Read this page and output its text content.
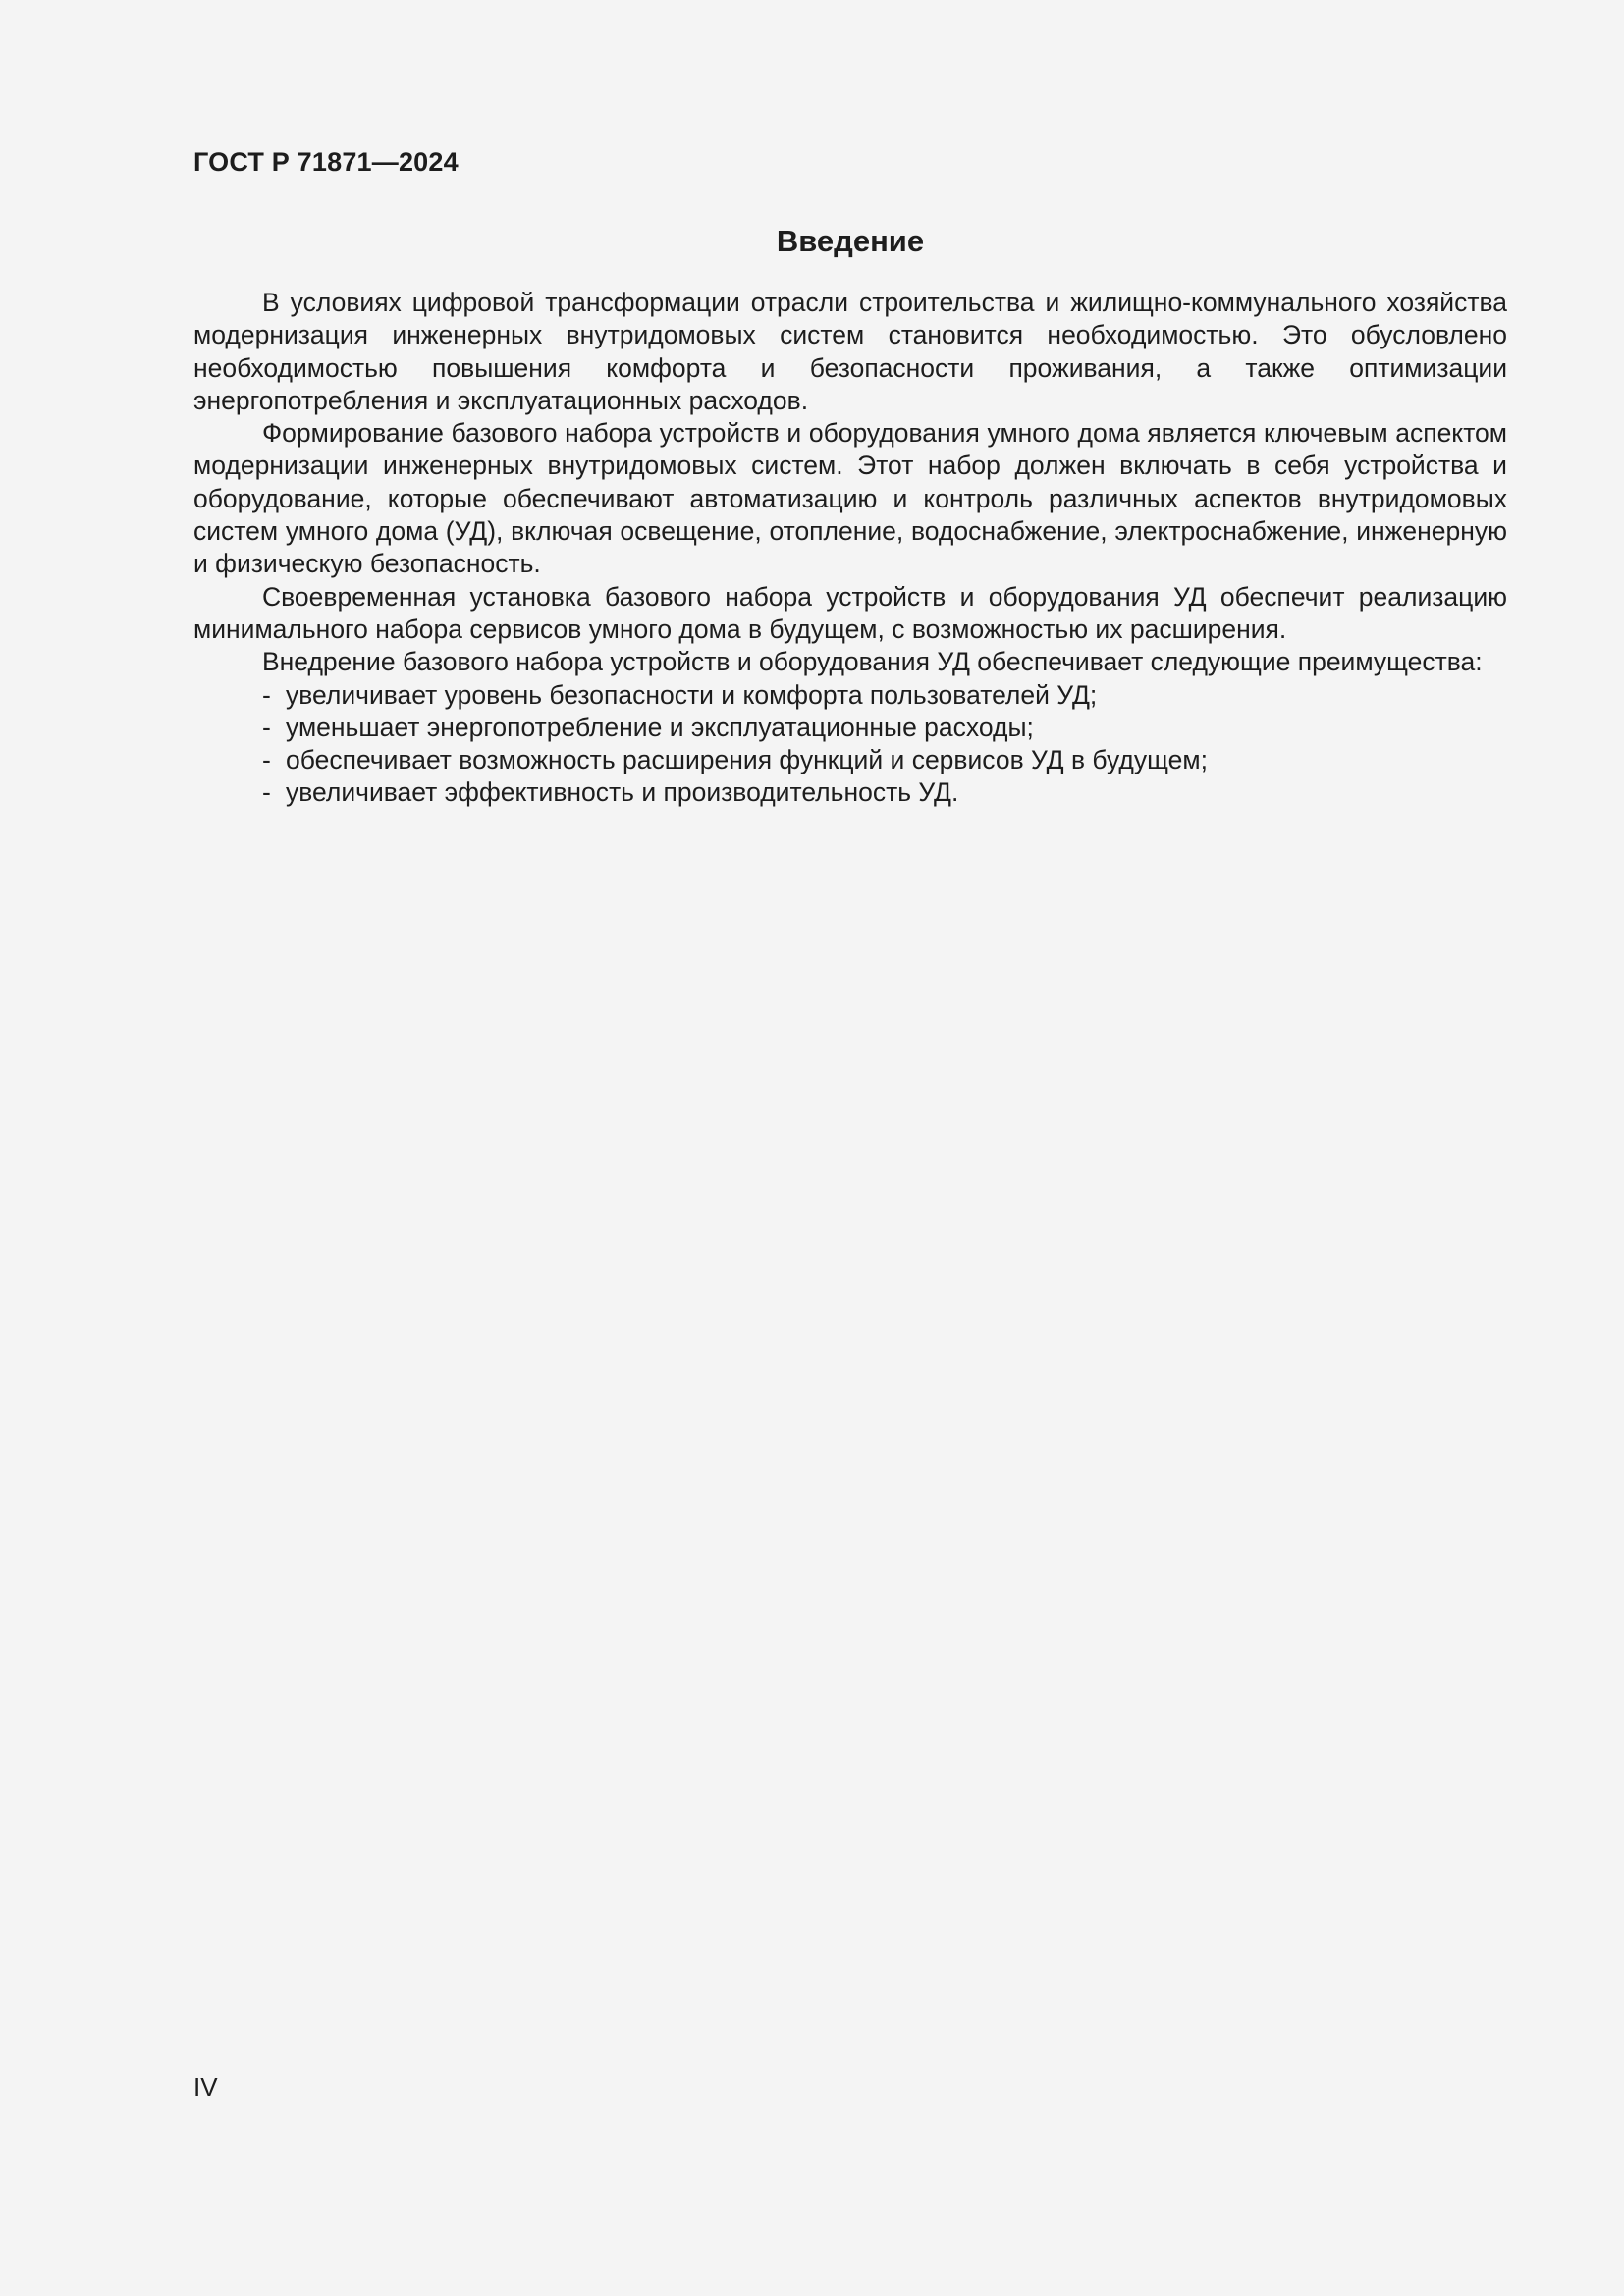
ГОСТ Р 71871—2024

Введение

В условиях цифровой трансформации отрасли строительства и жилищно-коммунального хозяйства модернизация инженерных внутридомовых систем становится необходимостью. Это обусловлено необходимостью повышения комфорта и безопасности проживания, а также оптимизации энергопотребления и эксплуатационных расходов.

Формирование базового набора устройств и оборудования умного дома является ключевым аспектом модернизации инженерных внутридомовых систем. Этот набор должен включать в себя устройства и оборудование, которые обеспечивают автоматизацию и контроль различных аспектов внутридомовых систем умного дома (УД), включая освещение, отопление, водоснабжение, электроснабжение, инженерную и физическую безопасность.

Своевременная установка базового набора устройств и оборудования УД обеспечит реализацию минимального набора сервисов умного дома в будущем, с возможностью их расширения.

Внедрение базового набора устройств и оборудования УД обеспечивает следующие преимущества:

- увеличивает уровень безопасности и комфорта пользователей УД;
- уменьшает энергопотребление и эксплуатационные расходы;
- обеспечивает возможность расширения функций и сервисов УД в будущем;
- увеличивает эффективность и производительность УД.

IV
